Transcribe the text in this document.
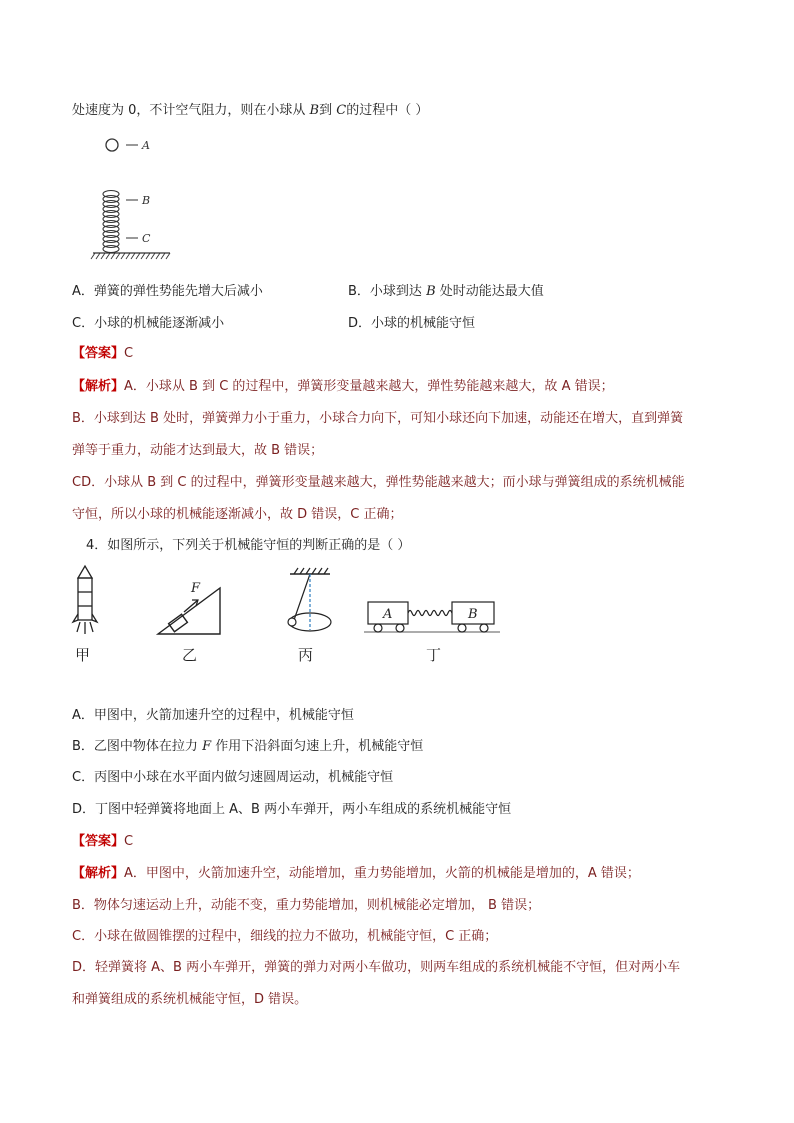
处速度为 0，不计空气阻力，则在小球从 B到 C的过程中（ ）
A
B
C
A．弹簧的弹性势能先增大后减小	B．小球到达 B 处时动能达最大值
C．小球的机械能逐渐减小	D．小球的机械能守恒
【答案】C
【解析】A．小球从 B 到 C 的过程中，弹簧形变量越来越大，弹性势能越来越大，故 A 错误；
B．小球到达 B 处时，弹簧弹力小于重力，小球合力向下，可知小球还向下加速，动能还在增大，直到弹簧
弹等于重力，动能才达到最大，故 B 错误；
CD．小球从 B 到 C 的过程中，弹簧形变量越来越大，弹性势能越来越大；而小球与弹簧组成的系统机械能
守恒，所以小球的机械能逐渐减小，故 D 错误，C 正确；
4．如图所示，下列关于机械能守恒的判断正确的是（ ）
甲
F
乙	丙
A	B
丁
A．甲图中，火箭加速升空的过程中，机械能守恒
B．乙图中物体在拉力 F 作用下沿斜面匀速上升，机械能守恒
C．丙图中小球在水平面内做匀速圆周运动，机械能守恒
D．丁图中轻弹簧将地面上 A、B 两小车弹开，两小车组成的系统机械能守恒
【答案】C
【解析】A．甲图中，火箭加速升空，动能增加，重力势能增加，火箭的机械能是增加的，A 错误；
B．物体匀速运动上升，动能不变，重力势能增加，则机械能必定增加， B 错误；
C．小球在做圆锥摆的过程中，细线的拉力不做功，机械能守恒，C 正确；
D．轻弹簧将 A、B 两小车弹开，弹簧的弹力对两小车做功，则两车组成的系统机械能不守恒，但对两小车
和弹簧组成的系统机械能守恒，D 错误。
